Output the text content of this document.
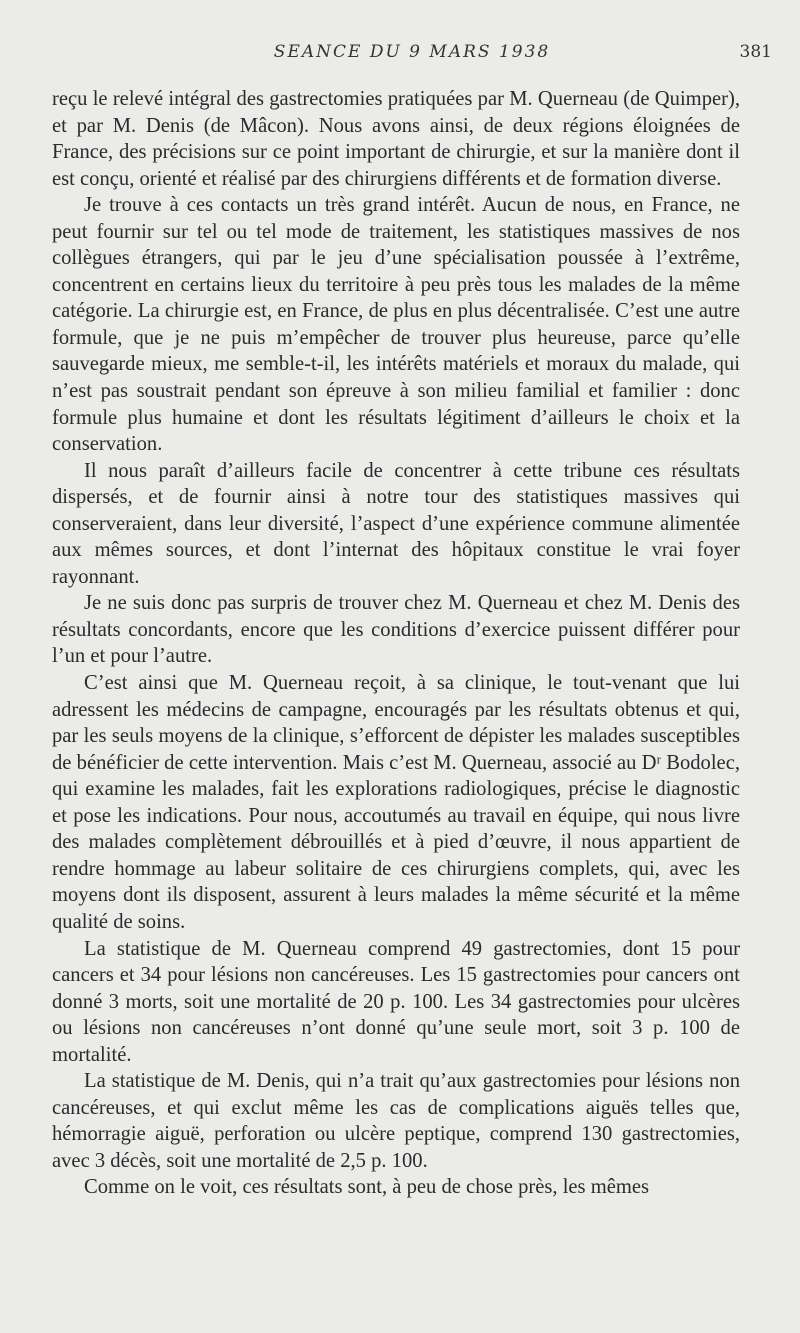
SEANCE DU 9 MARS 1938	381

reçu le relevé intégral des gastrectomies pratiquées par M. Querneau (de Quimper), et par M. Denis (de Mâcon). Nous avons ainsi, de deux régions éloignées de France, des précisions sur ce point important de chirurgie, et sur la manière dont il est conçu, orienté et réalisé par des chirurgiens différents et de formation diverse.

Je trouve à ces contacts un très grand intérêt. Aucun de nous, en France, ne peut fournir sur tel ou tel mode de traitement, les statistiques massives de nos collègues étrangers, qui par le jeu d’une spécialisation poussée à l’extrême, concentrent en certains lieux du territoire à peu près tous les malades de la même catégorie. La chirurgie est, en France, de plus en plus décentralisée. C’est une autre formule, que je ne puis m’empêcher de trouver plus heureuse, parce qu’elle sauvegarde mieux, me semble-t-il, les intérêts matériels et moraux du malade, qui n’est pas soustrait pendant son épreuve à son milieu familial et familier : donc formule plus humaine et dont les résultats légitiment d’ailleurs le choix et la conservation.

Il nous paraît d’ailleurs facile de concentrer à cette tribune ces résultats dispersés, et de fournir ainsi à notre tour des statistiques massives qui conserveraient, dans leur diversité, l’aspect d’une expérience commune alimentée aux mêmes sources, et dont l’internat des hôpitaux constitue le vrai foyer rayonnant.

Je ne suis donc pas surpris de trouver chez M. Querneau et chez M. Denis des résultats concordants, encore que les conditions d’exercice puissent différer pour l’un et pour l’autre.

C’est ainsi que M. Querneau reçoit, à sa clinique, le tout-venant que lui adressent les médecins de campagne, encouragés par les résultats obtenus et qui, par les seuls moyens de la clinique, s’efforcent de dépister les malades susceptibles de bénéficier de cette intervention. Mais c’est M. Querneau, associé au Dʳ Bodolec, qui examine les malades, fait les explorations radiologiques, précise le diagnostic et pose les indications. Pour nous, accoutumés au travail en équipe, qui nous livre des malades complètement débrouillés et à pied d’œuvre, il nous appartient de rendre hommage au labeur solitaire de ces chirurgiens complets, qui, avec les moyens dont ils disposent, assurent à leurs malades la même sécurité et la même qualité de soins.

La statistique de M. Querneau comprend 49 gastrectomies, dont 15 pour cancers et 34 pour lésions non cancéreuses. Les 15 gastrectomies pour cancers ont donné 3 morts, soit une mortalité de 20 p. 100. Les 34 gastrectomies pour ulcères ou lésions non cancéreuses n’ont donné qu’une seule mort, soit 3 p. 100 de mortalité.

La statistique de M. Denis, qui n’a trait qu’aux gastrectomies pour lésions non cancéreuses, et qui exclut même les cas de complications aiguës telles que, hémorragie aiguë, perforation ou ulcère peptique, comprend 130 gastrectomies, avec 3 décès, soit une mortalité de 2,5 p. 100.

Comme on le voit, ces résultats sont, à peu de chose près, les mêmes
